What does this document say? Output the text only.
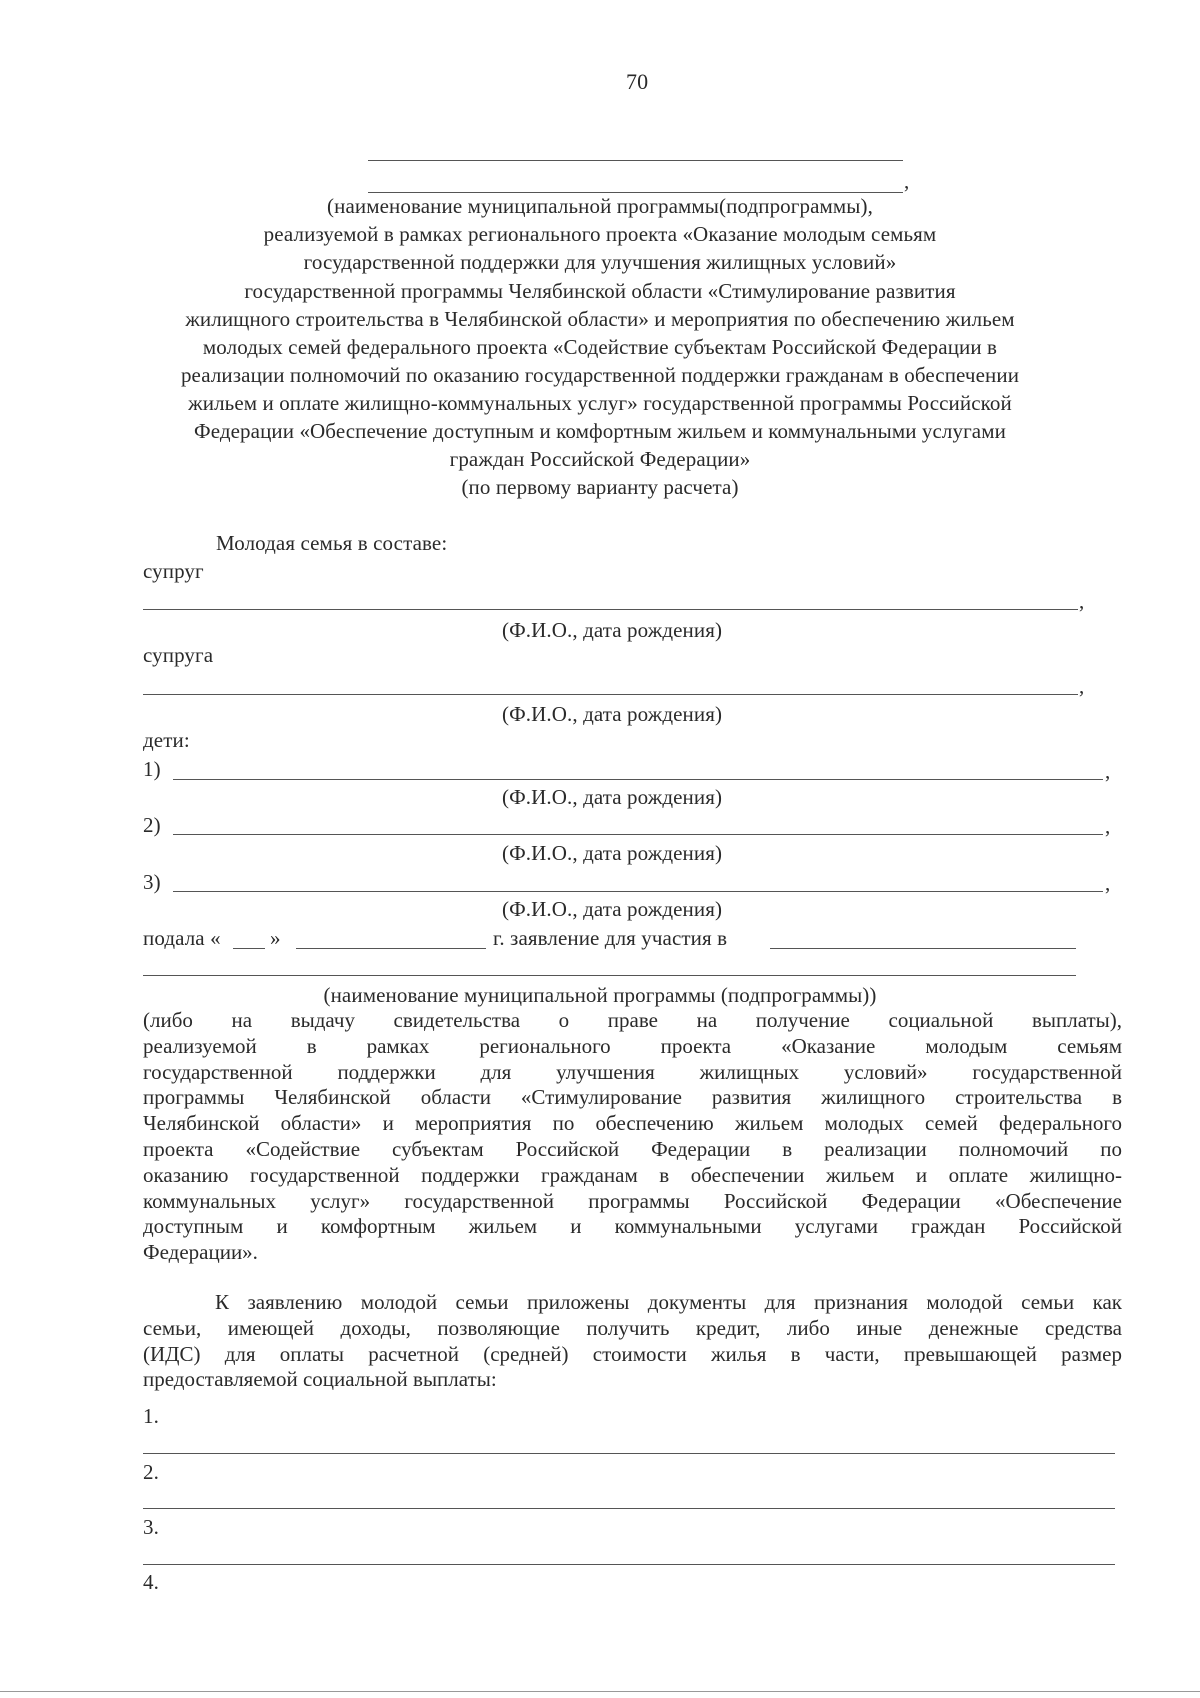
70
,
(наименование муниципальной программы(подпрограммы),
реализуемой в рамках регионального проекта «Оказание молодым семьям
государственной поддержки для улучшения жилищных условий»
государственной программы Челябинской области «Стимулирование развития
жилищного строительства в Челябинской области» и мероприятия по обеспечению жильем
молодых семей федерального проекта «Содействие субъектам Российской Федерации в
реализации полномочий по оказанию государственной поддержки гражданам в обеспечении
жильем и оплате жилищно-коммунальных услуг» государственной программы Российской
Федерации «Обеспечение доступным и комфортным жильем и коммунальными услугами
граждан Российской Федерации»
(по первому варианту расчета)
Молодая семья в составе:
супруг
,
(Ф.И.О., дата рождения)
супруга
,
(Ф.И.О., дата рождения)
дети:
1)	,
(Ф.И.О., дата рождения)
2)	,
(Ф.И.О., дата рождения)
3)	,
(Ф.И.О., дата рождения)
подала « »	г. заявление для участия в
(наименование муниципальной программы (подпрограммы))
(либо на выдачу свидетельства о праве на получение социальной выплаты),
реализуемой в рамках регионального проекта «Оказание молодым семьям
государственной поддержки для улучшения жилищных условий» государственной
программы Челябинской области «Стимулирование развития жилищного строительства в
Челябинской области» и мероприятия по обеспечению жильем молодых семей федерального
проекта «Содействие субъектам Российской Федерации в реализации полномочий по
оказанию государственной поддержки гражданам в обеспечении жильем и оплате жилищно-
коммунальных услуг» государственной программы Российской Федерации «Обеспечение
доступным и комфортным жильем и коммунальными услугами граждан Российской
Федерации».
К заявлению молодой семьи приложены документы для признания молодой семьи как
семьи, имеющей доходы, позволяющие получить кредит, либо иные денежные средства
(ИДС) для оплаты расчетной (средней) стоимости жилья в части, превышающей размер
предоставляемой социальной выплаты:
1.
2.
3.
4.
